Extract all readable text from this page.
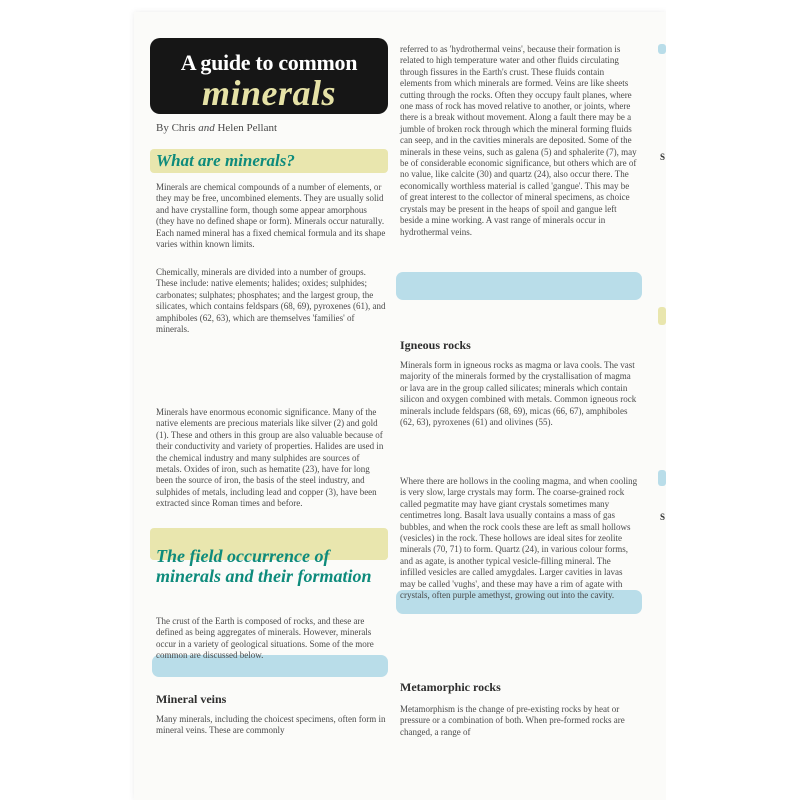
A guide to common
minerals
By Chris and Helen Pellant
What are minerals?
Minerals are chemical compounds of a number of elements, or they may be free, uncombined elements. They are usually solid and have crystalline form, though some appear amorphous (they have no defined shape or form). Minerals occur naturally. Each named mineral has a fixed chemical formula and its shape varies within known limits.
Chemically, minerals are divided into a number of groups. These include: native elements; halides; oxides; sulphides; carbonates; sulphates; phosphates; and the largest group, the silicates, which contains feldspars (68, 69), pyroxenes (61), and amphiboles (62, 63), which are themselves 'families' of minerals.
Minerals have enormous economic significance. Many of the native elements are precious materials like silver (2) and gold (1). These and others in this group are also valuable because of their conductivity and variety of properties. Halides are used in the chemical industry and many sulphides are sources of metals. Oxides of iron, such as hematite (23), have for long been the source of iron, the basis of the steel industry, and sulphides of metals, including lead and copper (3), have been extracted since Roman times and before.
The field occurrence of
minerals and their formation
The crust of the Earth is composed of rocks, and these are defined as being aggregates of minerals. However, minerals occur in a variety of geological situations. Some of the more common are discussed below.
Mineral veins
Many minerals, including the choicest specimens, often form in mineral veins. These are commonly
referred to as 'hydrothermal veins', because their formation is related to high temperature water and other fluids circulating through fissures in the Earth's crust. These fluids contain elements from which minerals are formed. Veins are like sheets cutting through the rocks. Often they occupy fault planes, where one mass of rock has moved relative to another, or joints, where there is a break without movement. Along a fault there may be a jumble of broken rock through which the mineral forming fluids can seep, and in the cavities minerals are deposited. Some of the minerals in these veins, such as galena (5) and sphalerite (7), may be of considerable economic significance, but others which are of no value, like calcite (30) and quartz (24), also occur there. The economically worthless material is called 'gangue'. This may be of great interest to the collector of mineral specimens, as choice crystals may be present in the heaps of spoil and gangue left beside a mine working. A vast range of minerals occur in hydrothermal veins.
Igneous rocks
Minerals form in igneous rocks as magma or lava cools. The vast majority of the minerals formed by the crystallisation of magma or lava are in the group called silicates; minerals which contain silicon and oxygen combined with metals. Common igneous rock minerals include feldspars (68, 69), micas (66, 67), amphiboles (62, 63), pyroxenes (61) and olivines (55).
Where there are hollows in the cooling magma, and when cooling is very slow, large crystals may form. The coarse-grained rock called pegmatite may have giant crystals sometimes many centimetres long. Basalt lava usually contains a mass of gas bubbles, and when the rock cools these are left as small hollows (vesicles) in the rock. These hollows are ideal sites for zeolite minerals (70, 71) to form. Quartz (24), in various colour forms, and as agate, is another typical vesicle-filling mineral. The infilled vesicles are called amygdales. Larger cavities in lavas may be called 'vughs', and these may have a rim of agate with crystals, often purple amethyst, growing out into the cavity.
Metamorphic rocks
Metamorphism is the change of pre-existing rocks by heat or pressure or a combination of both. When pre-formed rocks are changed, a range of
S
S
